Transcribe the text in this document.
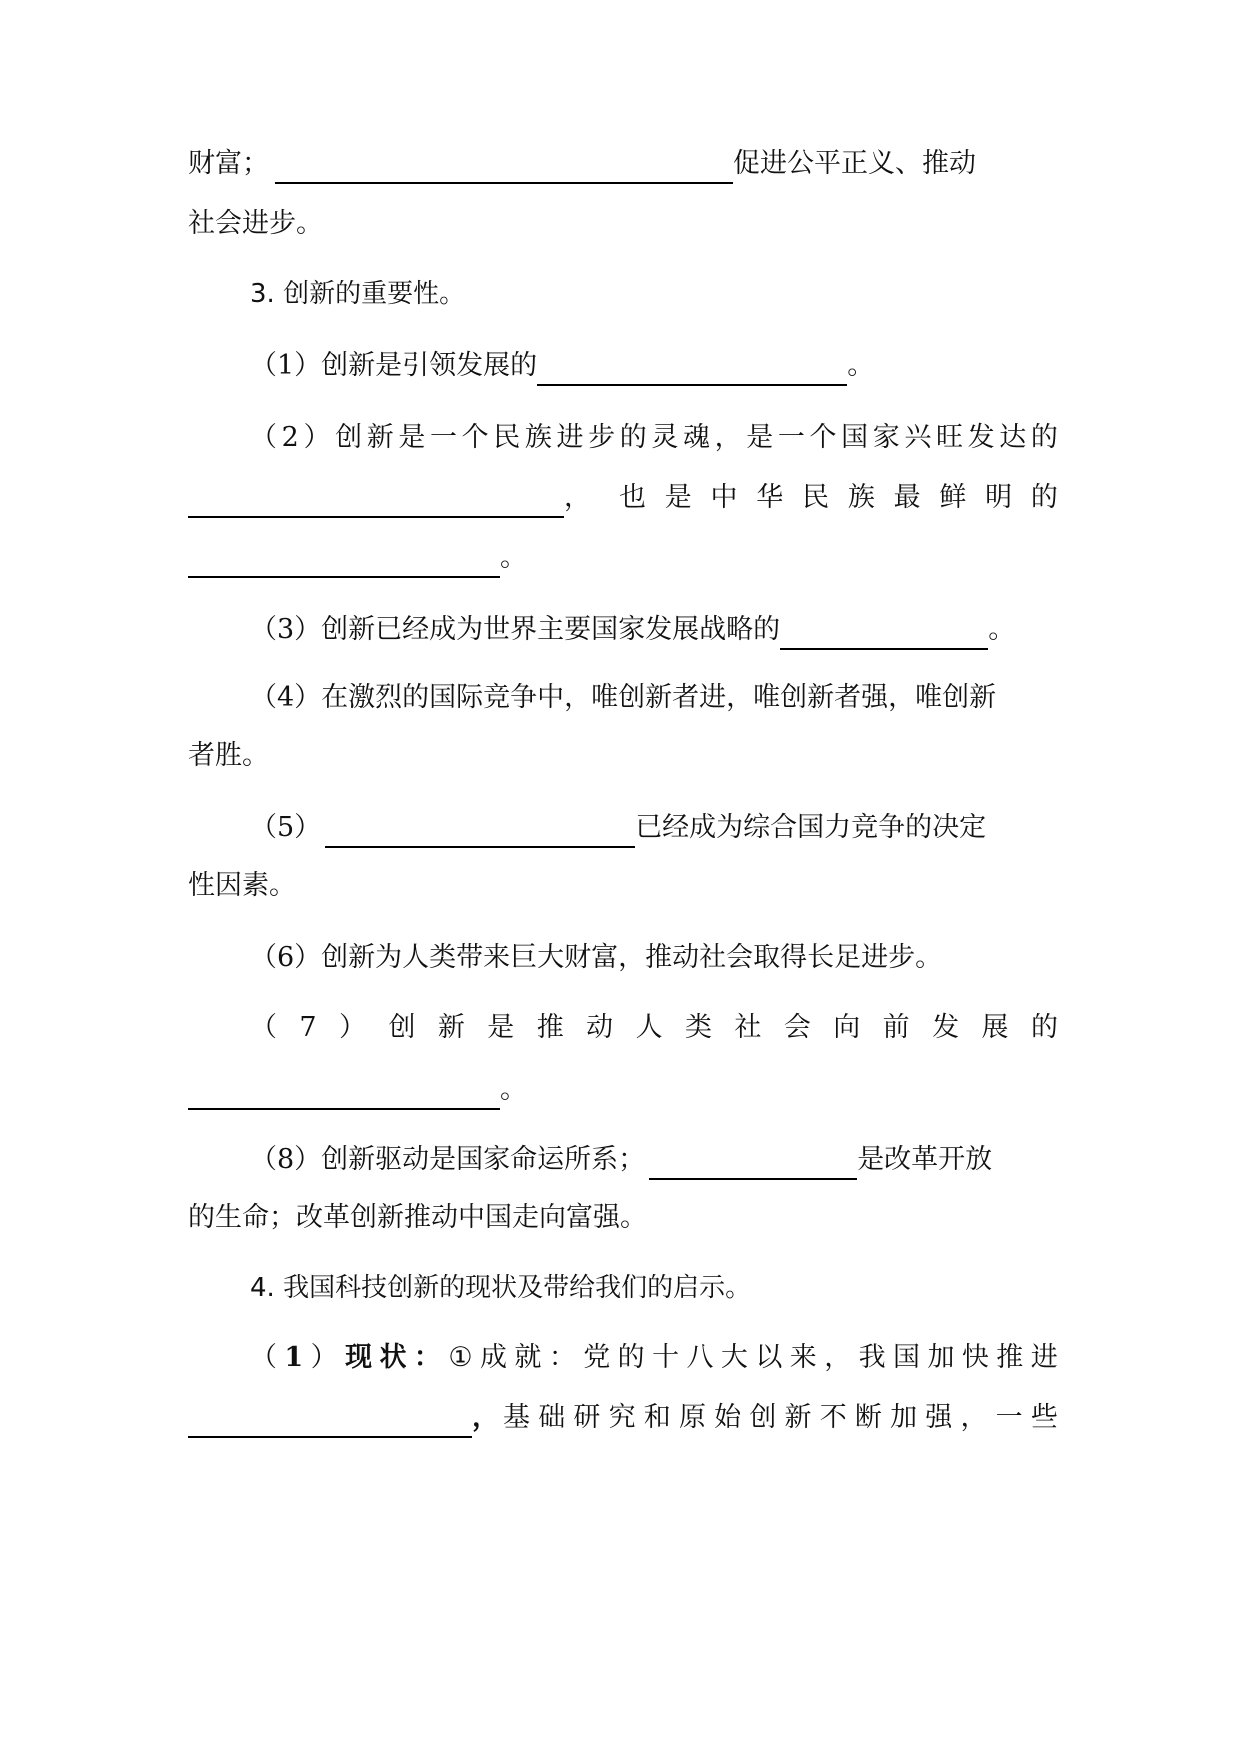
财富；	促进公平正义、推动
社会进步。
3. 创新的重要性。
（1）创新是引领发展的	。
（ 2 ） 创 新 是 一 个 民 族 进 步 的 灵 魂 ， 是 一 个 国 家 兴 旺 发 达 的
， 也 是 中 华 民 族 最 鲜 明 的
。
（3）创新已经成为世界主要国家发展战略的	。
（4）在激烈的国际竞争中，唯创新者进，唯创新者强，唯创新
者胜。
（5）	已经成为综合国力竞争的决定
性因素。
（6）创新为人类带来巨大财富，推动社会取得长足进步。
（ 7 ） 创 新 是 推 动 人 类 社 会 向 前 发 展 的
。
（8）创新驱动是国家命运所系；	是改革开放
的生命；改革创新推动中国走向富强。
4. 我国科技创新的现状及带给我们的启示。
（ 1 ） 现 状 ： ① 成 就 ： 党 的 十 八 大 以 来 ， 我 国 加 快 推 进
， 基 础 研 究 和 原 始 创 新 不 断 加 强 ， 一 些
